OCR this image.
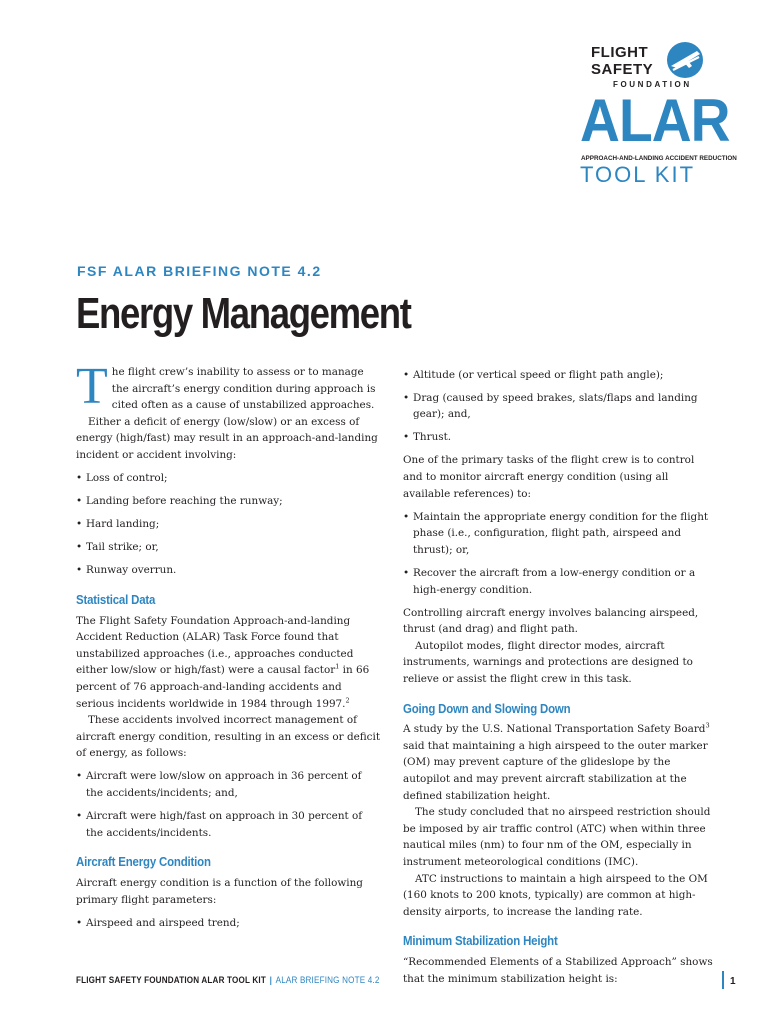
FLIGHT
SAFETY
FOUNDATION
ALAR
APPROACH-AND-LANDING ACCIDENT REDUCTION
TOOL KIT
FSF ALAR BRIEFING NOTE 4.2
Energy Management

The flight crew’s inability to assess or to manage the aircraft’s energy condition during approach is cited often as a cause of unstabilized approaches.

Either a deficit of energy (low/slow) or an excess of energy (high/fast) may result in an approach-and-landing incident or accident involving:

• Loss of control;
• Landing before reaching the runway;
• Hard landing;
• Tail strike; or,
• Runway overrun.
Statistical Data

The Flight Safety Foundation Approach-and-landing Accident Reduction (ALAR) Task Force found that unstabilized approaches (i.e., approaches conducted either low/slow or high/fast) were a causal factor$^1$ in 66 percent of 76 approach-and-landing accidents and serious incidents worldwide in 1984 through 1997.$^2$

These accidents involved incorrect management of aircraft energy condition, resulting in an excess or deficit of energy, as follows:

• Aircraft were low/slow on approach in 36 percent of the accidents/incidents; and,
• Aircraft were high/fast on approach in 30 percent of the accidents/incidents.
Aircraft Energy Condition

Aircraft energy condition is a function of the following primary flight parameters:

• Airspeed and airspeed trend;
• Altitude (or vertical speed or flight path angle);
• Drag (caused by speed brakes, slats/flaps and landing gear); and,
• Thrust.

One of the primary tasks of the flight crew is to control and to monitor aircraft energy condition (using all available references) to:

• Maintain the appropriate energy condition for the flight phase (i.e., configuration, flight path, airspeed and thrust); or,
• Recover the aircraft from a low-energy condition or a high-energy condition.

Controlling aircraft energy involves balancing airspeed, thrust (and drag) and flight path.

Autopilot modes, flight director modes, aircraft instruments, warnings and protections are designed to relieve or assist the flight crew in this task.

Going Down and Slowing Down

A study by the U.S. National Transportation Safety Board$^3$ said that maintaining a high airspeed to the outer marker (OM) may prevent capture of the glideslope by the autopilot and may prevent aircraft stabilization at the defined stabilization height.

The study concluded that no airspeed restriction should be imposed by air traffic control (ATC) when within three nautical miles (nm) to four nm of the OM, especially in instrument meteorological conditions (IMC).

ATC instructions to maintain a high airspeed to the OM (160 knots to 200 knots, typically) are common at high-density airports, to increase the landing rate.

Minimum Stabilization Height

“Recommended Elements of a Stabilized Approach” shows that the minimum stabilization height is:

FLIGHT SAFETY FOUNDATION ALAR TOOL KIT | ALAR BRIEFING NOTE 4.2	1
